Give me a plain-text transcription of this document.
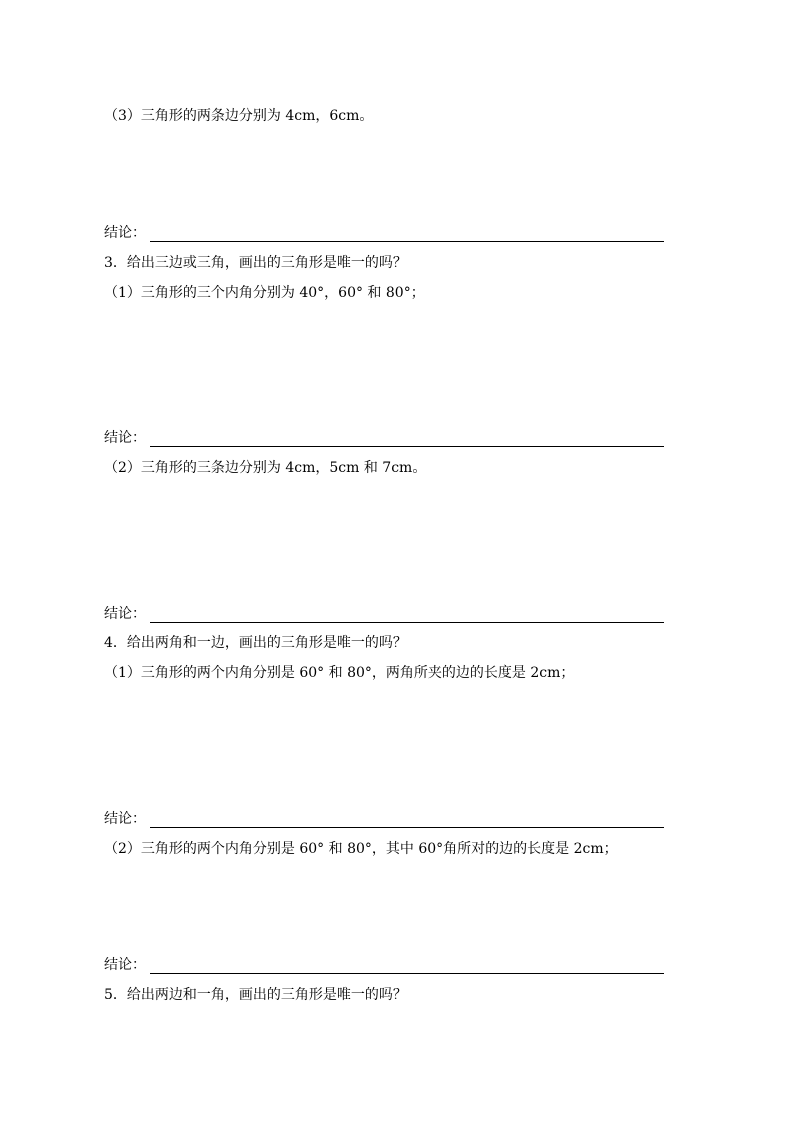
（3）三角形的两条边分别为 4cm，6cm。
结论：
3．给出三边或三角，画出的三角形是唯一的吗？
（1）三角形的三个内角分别为 40°，60° 和 80°；
结论：
（2）三角形的三条边分别为 4cm，5cm 和 7cm。
结论：
4．给出两角和一边，画出的三角形是唯一的吗？
（1）三角形的两个内角分别是 60° 和 80°，两角所夹的边的长度是 2cm；
结论：
（2）三角形的两个内角分别是 60° 和 80°，其中 60°角所对的边的长度是 2cm；
结论：
5．给出两边和一角，画出的三角形是唯一的吗？
